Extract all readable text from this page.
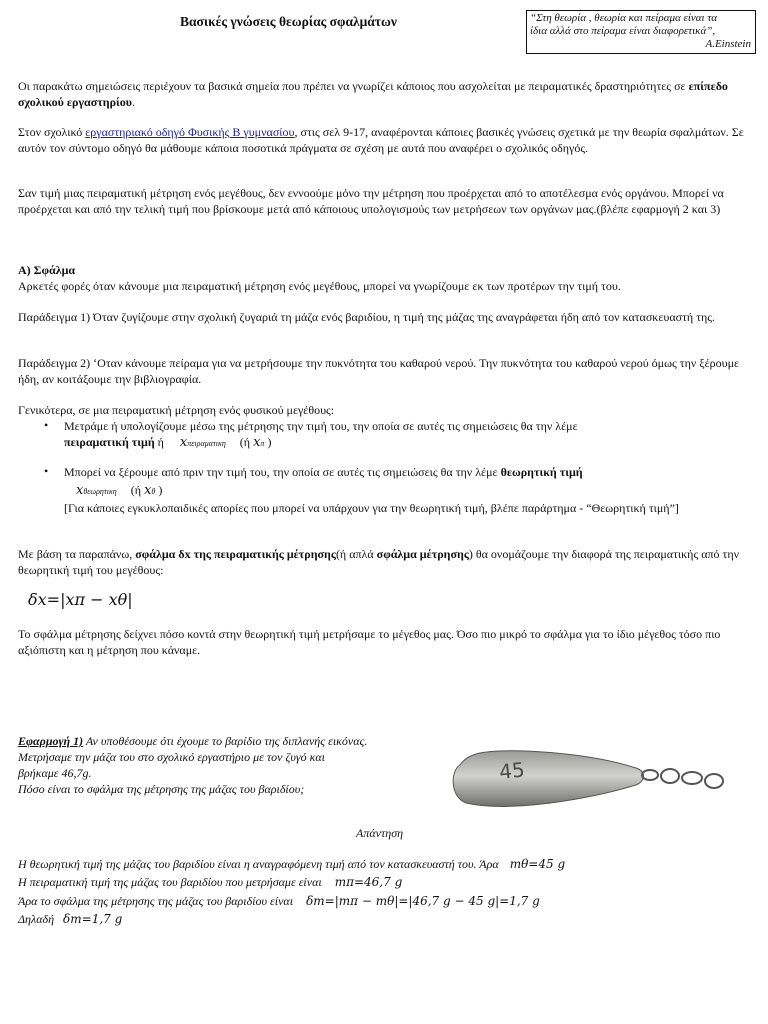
Βασικές γνώσεις θεωρίας σφαλμάτων	“Στη θεωρία , θεωρία και πείραμα είναι τα
ίδια αλλά στο πείραμα είναι διαφορετικά”,
A.Einstein
Οι παρακάτω σημειώσεις περιέχουν τα βασικά σημεία που πρέπει να γνωρίζει κάποιος που ασχολείται με πειραματικές δραστηριότητες σε επίπεδο σχολικού εργαστηρίου.
Στον σχολικό εργαστηριακό οδηγό Φυσικής Β γυμνασίου, στις σελ 9-17, αναφέρονται κάποιες βασικές γνώσεις σχετικά με την θεωρία σφαλμάτων. Σε αυτόν τον σύντομο οδηγό θα μάθουμε κάποια ποσοτικά πράγματα σε σχέση με αυτά που αναφέρει ο σχολικός οδηγός.
Σαν τιμή μιας πειραματική μέτρηση ενός μεγέθους, δεν εννοούμε μόνο την μέτρηση που προέρχεται από το αποτέλεσμα ενός οργάνου. Μπορεί να προέρχεται και από την τελική τιμή που βρίσκουμε μετά από κάποιους υπολογισμούς των μετρήσεων των οργάνων μας.(βλέπε εφαρμογή 2 και 3)
Α) Σφάλμα
Αρκετές φορές όταν κάνουμε μια πειραματική μέτρηση ενός μεγέθους, μπορεί να γνωρίζουμε εκ των προτέρων την τιμή του.
Παράδειγμα 1) Όταν ζυγίζουμε στην σχολική ζυγαριά τη μάζα ενός βαριδίου, η τιμή της μάζας της αναγράφεται ήδη από τον κατασκευαστή της.
Παράδειγμα 2) ‘Οταν κάνουμε πείραμα για να μετρήσουμε την πυκνότητα του καθαρού νερού. Την πυκνότητα του καθαρού νερού όμως την ξέρουμε ήδη, αν κοιτάξουμε την βιβλιογραφία.
Γενικότερα, σε μια πειραματική μέτρηση ενός φυσικού μεγέθους:
• Μετράμε ή υπολογίζουμε μέσω της μέτρησης την τιμή του, την οποία σε αυτές τις σημειώσεις θα την λέμε
πειραματική τιμή ή xπειραματικη (ή xπ )
• Μπορεί να ξέρουμε από πριν την τιμή του, την οποία σε αυτές τις σημειώσεις θα την λέμε θεωρητική τιμή
xθεωρητικη (ή xθ )
[Για κάποιες εγκυκλοπαιδικές απορίες που μπορεί να υπάρχουν για την θεωρητική τιμή, βλέπε παράρτημα - “Θεωρητική τιμή”]
Με βάση τα παραπάνω, σφάλμα δx της πειραματικής μέτρησης(ή απλά σφάλμα μέτρησης) θα ονομάζουμε την διαφορά της πειραματικής από την θεωρητική τιμή του μεγέθους:
δx=|xπ − xθ|
Το σφάλμα μέτρησης δείχνει πόσο κοντά στην θεωρητική τιμή μετρήσαμε το μέγεθος μας. Όσο πιο μικρό το σφάλμα για το ίδιο μέγεθος τόσο πιο αξιόπιστη και η μέτρηση που κάναμε.
Εφαρμογή 1) Αν υποθέσουμε ότι έχουμε το βαρίδιο της διπλανής εικόνας.
Μετρήσαμε την μάζα του στο σχολικό εργαστήριο με τον ζυγό και
βρήκαμε 46,7g.
Πόσο είναι το σφάλμα της μέτρησης της μάζας του βαριδίου;
45
Απάντηση
Η θεωρητική τιμή της μάζας του βαριδίου είναι η αναγραφόμενη τιμή από τον κατασκευαστή του. Άρα mθ=45 g
Η πειραματική τιμή της μάζας του βαριδίου που μετρήσαμε είναι mπ=46,7 g
Άρα το σφάλμα της μέτρησης της μάζας του βαριδίου είναι δm=|mπ − mθ|=|46,7 g − 45 g|=1,7 g
Δηλαδή δm=1,7 g
